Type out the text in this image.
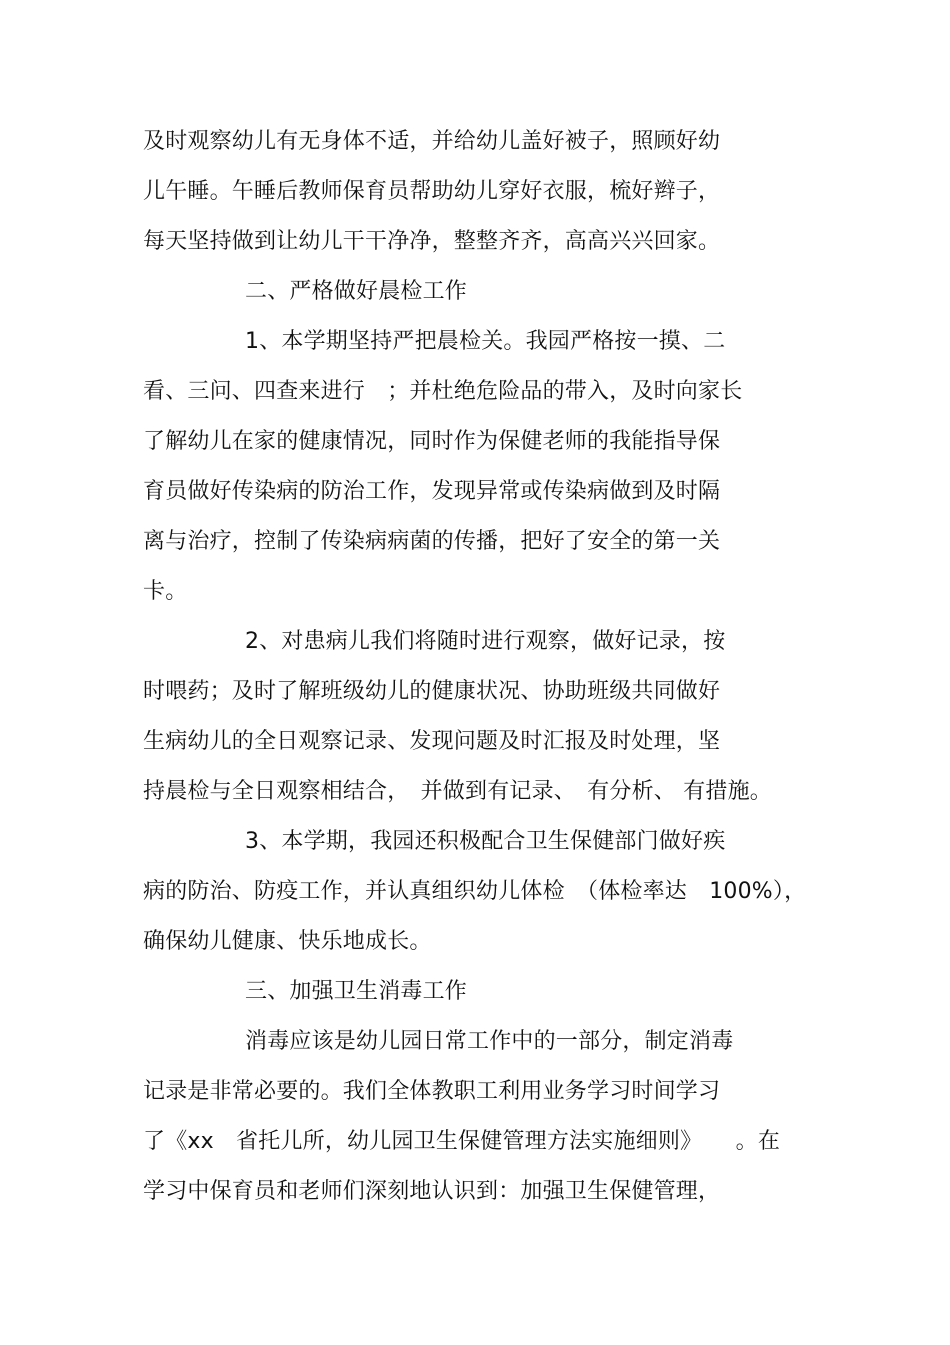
及时观察幼儿有无身体不适，并给幼儿盖好被子，照顾好幼
儿午睡。午睡后教师保育员帮助幼儿穿好衣服，梳好辫子，
每天坚持做到让幼儿干干净净，整整齐齐，高高兴兴回家。
二、严格做好晨检工作
1、本学期坚持严把晨检关。我园严格按一摸、二
看、三问、四查来进行　；并杜绝危险品的带入，及时向家长
了解幼儿在家的健康情况，同时作为保健老师的我能指导保
育员做好传染病的防治工作，发现异常或传染病做到及时隔
离与治疗，控制了传染病病菌的传播，把好了安全的第一关
卡。
2、对患病儿我们将随时进行观察，做好记录，按
时喂药；及时了解班级幼儿的健康状况、协助班级共同做好
生病幼儿的全日观察记录、发现问题及时汇报及时处理，坚
持晨检与全日观察相结合，　并做到有记录、　有分析、 有措施。
3、本学期，我园还积极配合卫生保健部门做好疾
病的防治、防疫工作，并认真组织幼儿体检　（体检率达　100%），
确保幼儿健康、快乐地成长。
三、加强卫生消毒工作
消毒应该是幼儿园日常工作中的一部分，制定消毒
记录是非常必要的。我们全体教职工利用业务学习时间学习
了《xx　省托儿所，幼儿园卫生保健管理方法实施细则》　　。在
学习中保育员和老师们深刻地认识到：加强卫生保健管理，
